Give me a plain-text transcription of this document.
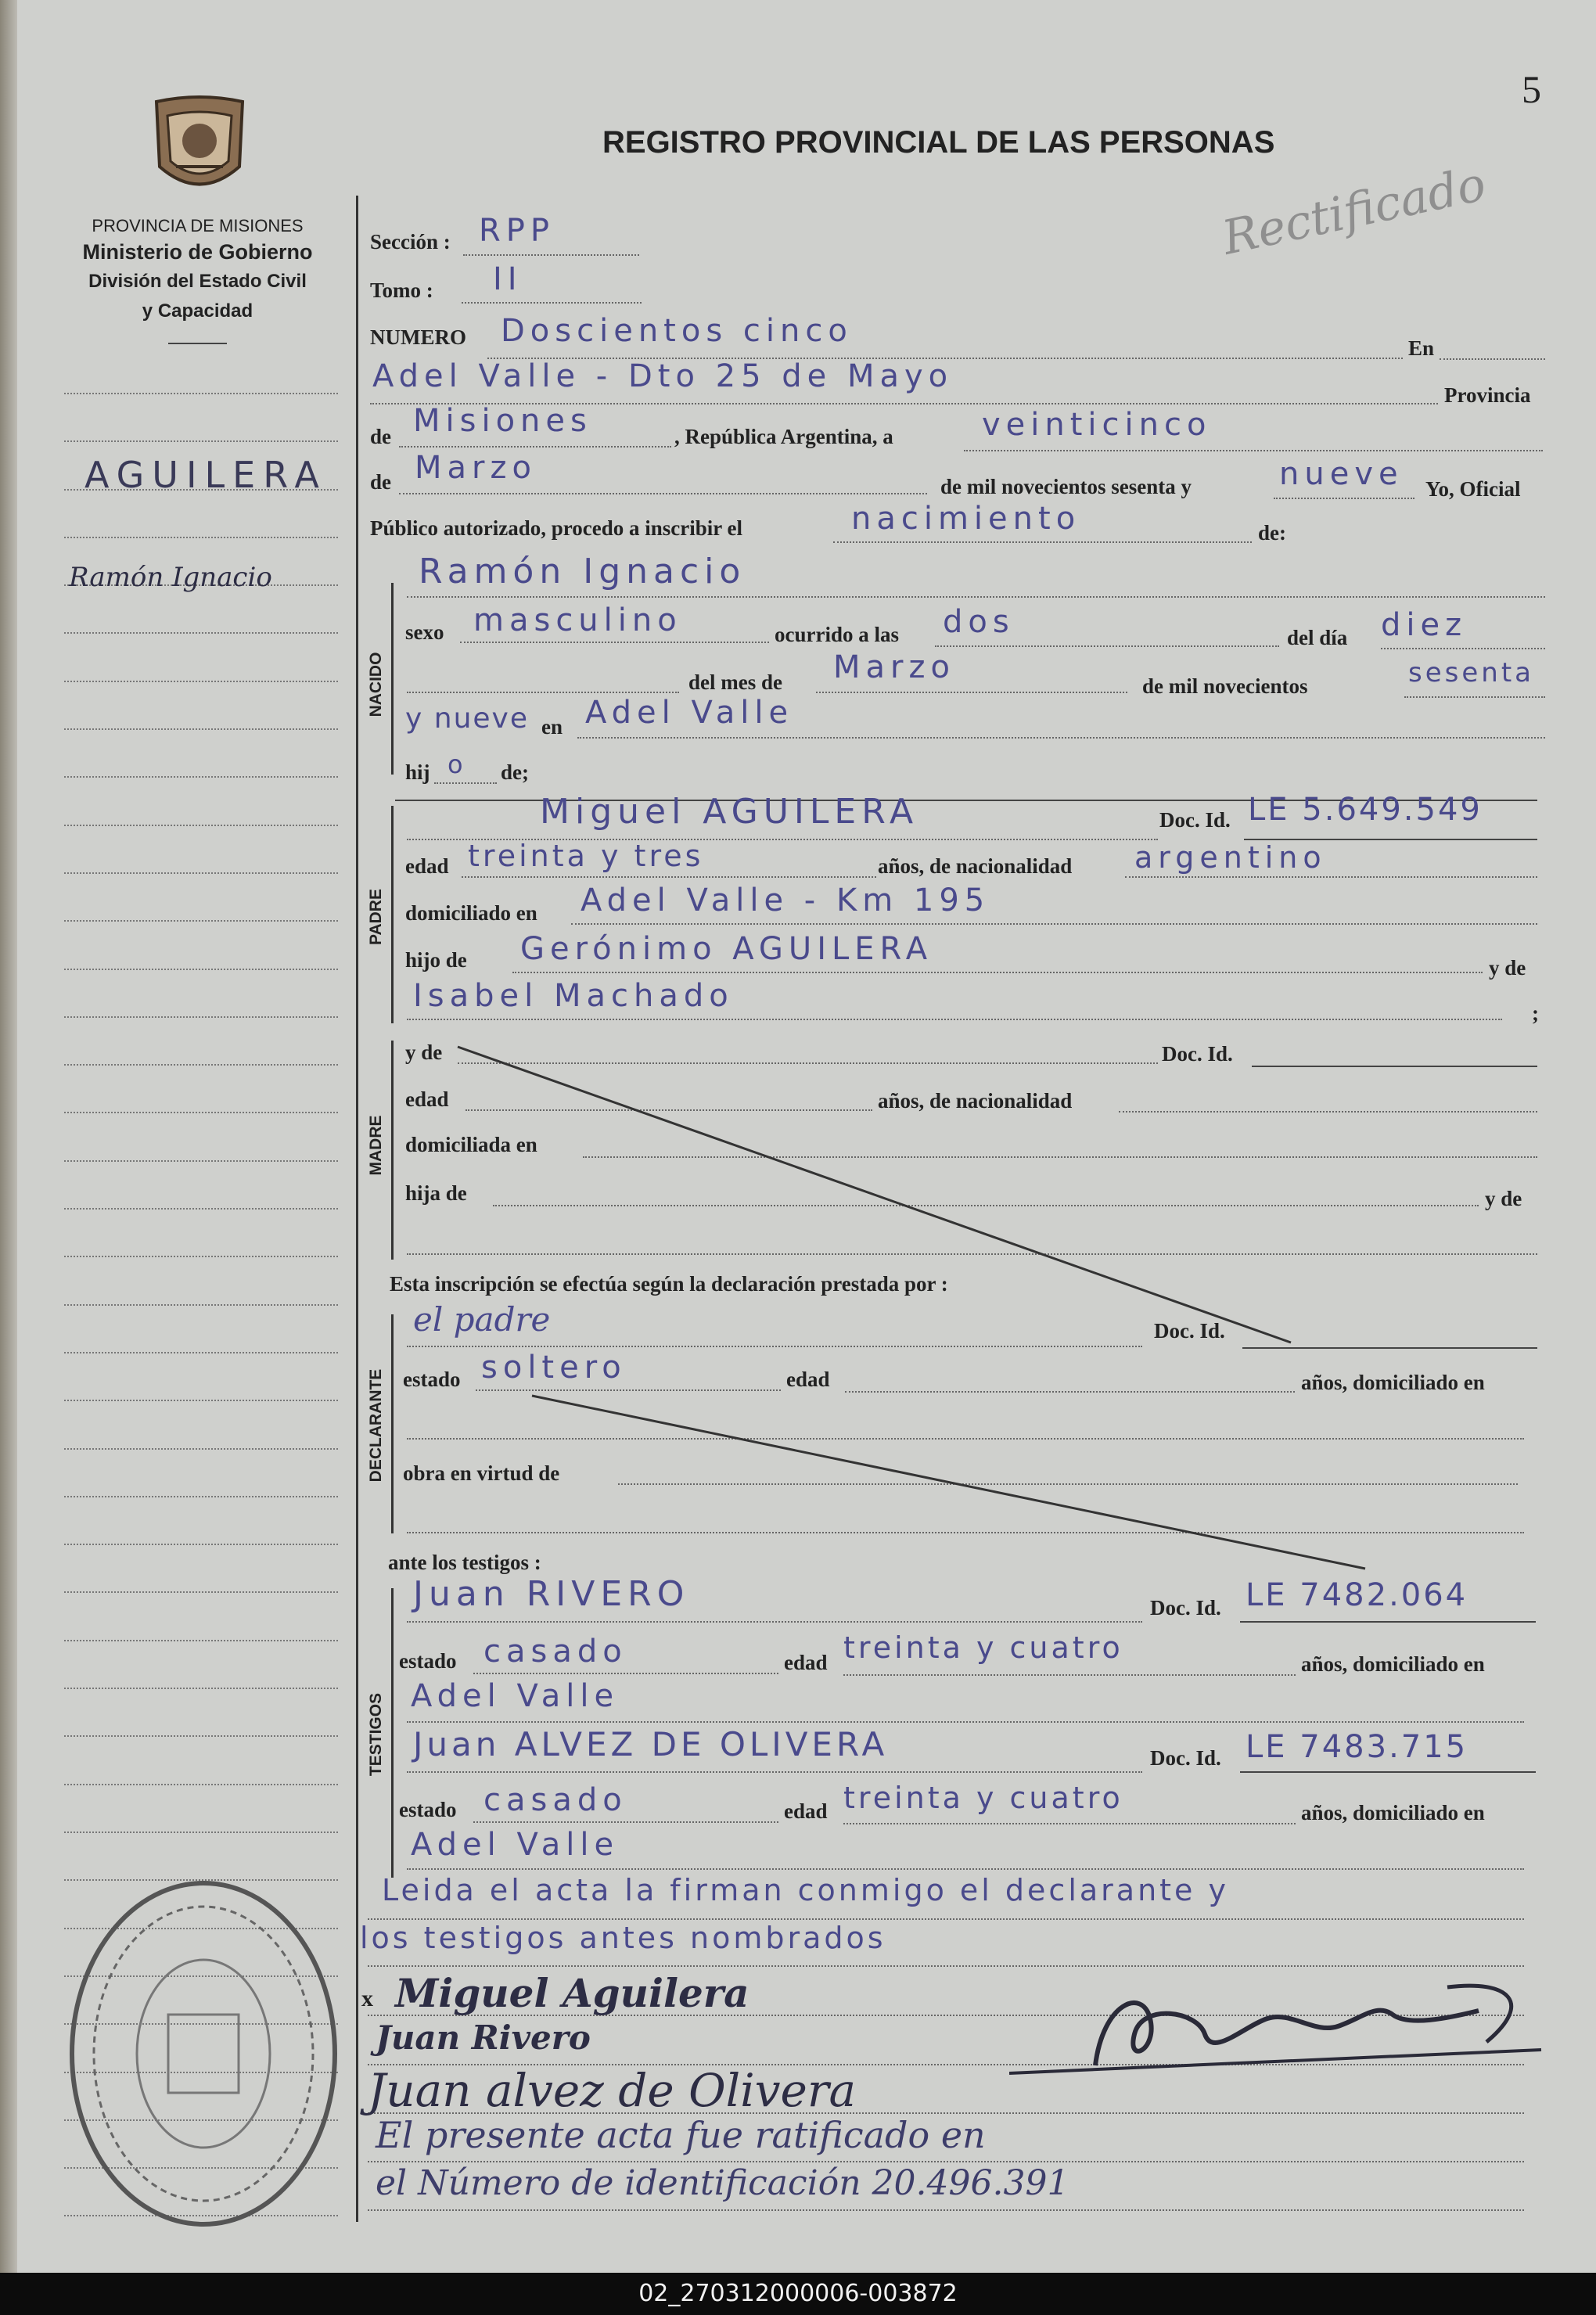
5
PROVINCIA DE MISIONES
Ministerio de Gobierno
División del Estado Civil
y Capacidad
REGISTRO PROVINCIAL DE LAS PERSONAS
Rectificado
AGUILERA
Ramón Ignacio
Sección : RPP
Tomo : II
NUMERO Doscientos cinco	En
Adel Valle - Dto 25 de Mayo
Provincia
de Misiones	, República Argentina, a	veinticinco
de Marzo
de mil novecientos sesenta y	nueve Yo, Oficial
Público autorizado, procedo a inscribir el	nacimiento	de:
NACIDO
Ramón Ignacio
sexo masculino	ocurrido a las dos	del día diez
del mes de Marzo
de mil novecientos	sesenta
y nueve en Adel Valle
hij o de;
PADRE
Miguel AGUILERA	Doc. Id. LE 5.649.549
edad treinta y tres	años, de nacionalidad argentino
domiciliado en Adel Valle - Km 195
hijo de Gerónimo AGUILERA
y de
Isabel Machado	;
MADRE
y de	Doc. Id.
edad	años, de nacionalidad
domiciliada en
hija de	y de
Esta inscripción se efectúa según la declaración prestada por :
DECLARANTE
el padre	Doc. Id.
estado soltero	edad	años, domiciliado en
obra en virtud de
ante los testigos :
TESTIGOS
Juan RIVERO	Doc. Id. LE 7482.064
estado casado	edad treinta y cuatro	años, domiciliado en
Adel Valle
Juan ALVEZ DE OLIVERA	Doc. Id. LE 7483.715
estado casado	edad treinta y cuatro	años, domiciliado en
Adel Valle
Leida el acta la firman conmigo el declarante y
los testigos antes nombrados
x Miguel Aguilera
Juan Rivero
Juan alvez de Olivera
El presente acta fue ratificado en
el Número de identificación 20.496.391
02_270312000006-003872
